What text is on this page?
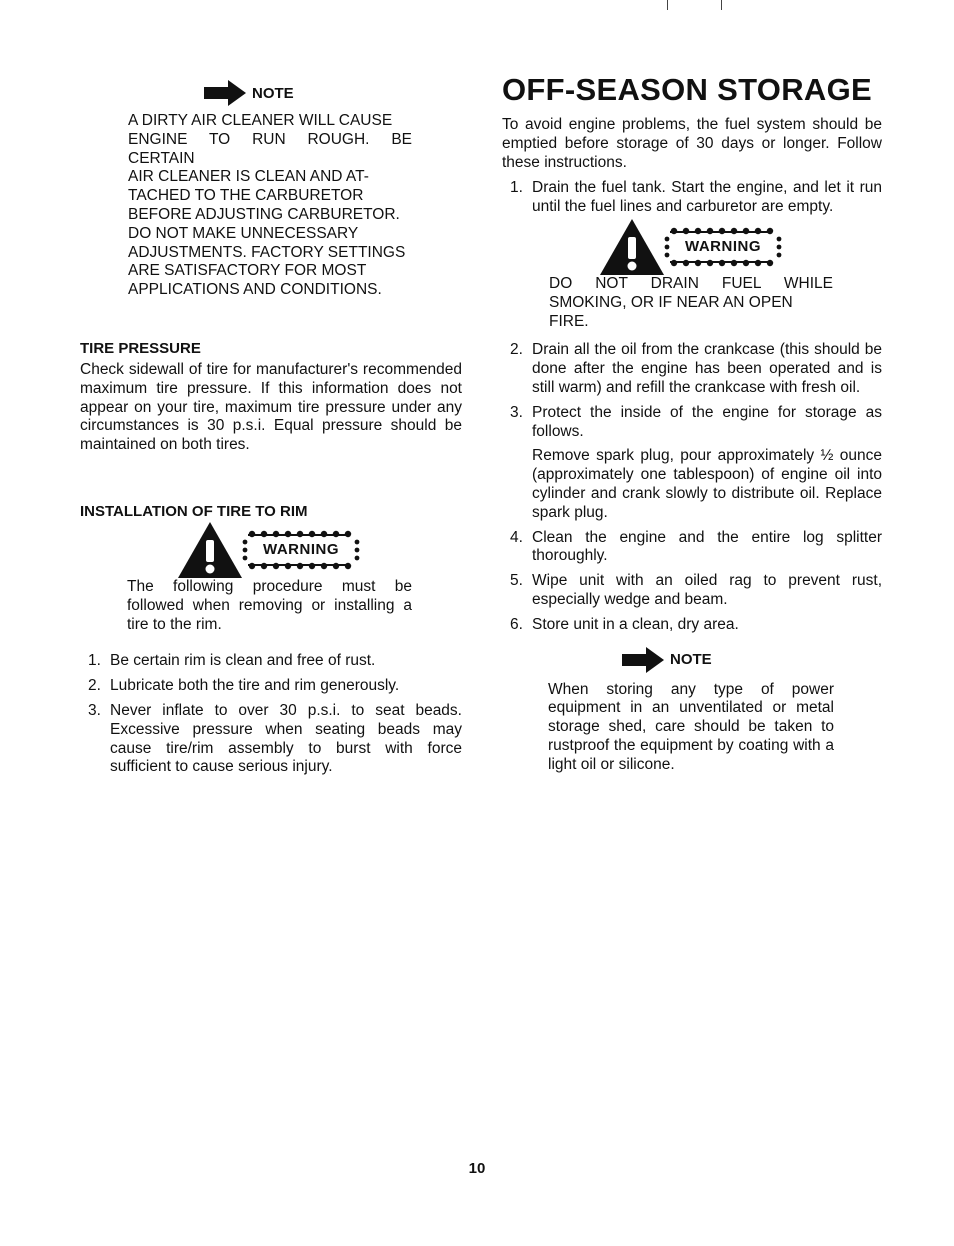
NOTE
A DIRTY AIR CLEANER WILL CAUSE
ENGINE TO RUN ROUGH. BE CERTAIN
AIR CLEANER IS CLEAN AND AT-
TACHED TO THE CARBURETOR
BEFORE ADJUSTING CARBURETOR.
DO NOT MAKE UNNECESSARY
ADJUSTMENTS. FACTORY SETTINGS
ARE SATISFACTORY FOR MOST
APPLICATIONS AND CONDITIONS.
TIRE PRESSURE

Check sidewall of tire for manufacturer's recommended maximum tire pressure. If this information does not appear on your tire, maximum tire pressure under any circumstances is 30 p.s.i. Equal pressure should be maintained on both tires.

INSTALLATION OF TIRE TO RIM
WARNING

The following procedure must be followed when removing or installing a tire to the rim.

1. Be certain rim is clean and free of rust.
2. Lubricate both the tire and rim generously.
3. Never inflate to over 30 p.s.i. to seat beads. Excessive pressure when seating beads may cause tire/rim assembly to burst with force sufficient to cause serious injury.
OFF-SEASON STORAGE

To avoid engine problems, the fuel system should be emptied before storage of 30 days or longer. Follow these instructions.

1. Drain the fuel tank. Start the engine, and let it run until the fuel lines and carburetor are empty.
WARNING
DO NOT DRAIN FUEL WHILE
SMOKING, OR IF NEAR AN OPEN FIRE.
2. Drain all the oil from the crankcase (this should be done after the engine has been operated and is still warm) and refill the crankcase with fresh oil.
3. Protect the inside of the engine for storage as follows.

Remove spark plug, pour approximately ½ ounce (approximately one tablespoon) of engine oil into cylinder and crank slowly to distribute oil. Replace spark plug.

4. Clean the engine and the entire log splitter thoroughly.
5. Wipe unit with an oiled rag to prevent rust, especially wedge and beam.
6. Store unit in a clean, dry area.
NOTE

When storing any type of power equipment in an unventilated or metal storage shed, care should be taken to rustproof the equipment by coating with a light oil or silicone.

10
